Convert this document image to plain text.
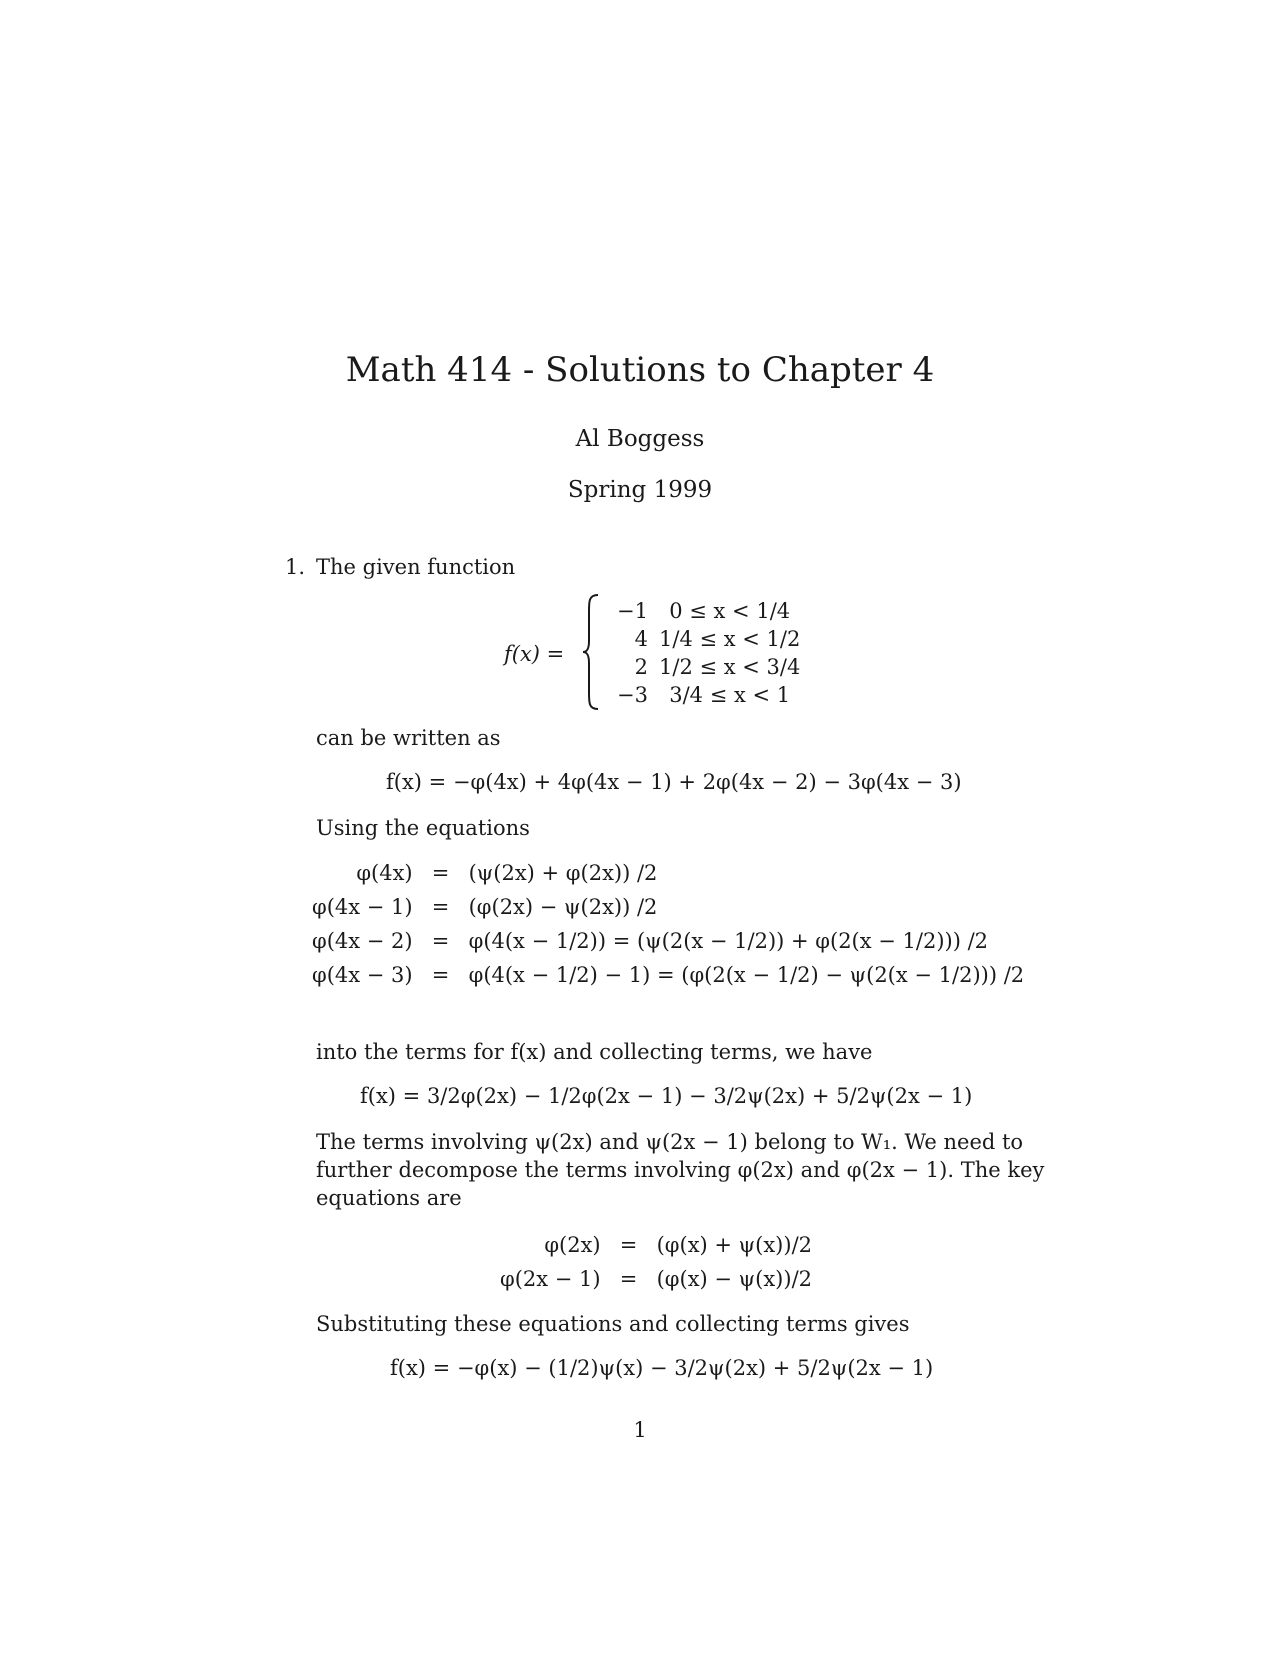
Math 414 - Solutions to Chapter 4
Al Boggess
Spring 1999
1. The given function
f(x) =
−1 0 ≤ x < 1/4
4 1/4 ≤ x < 1/2
2 1/2 ≤ x < 3/4
−3 3/4 ≤ x < 1
can be written as
f(x) = −φ(4x) + 4φ(4x − 1) + 2φ(4x − 2) − 3φ(4x − 3)
Using the equations
φ(4x)	=	(ψ(2x) + φ(2x)) /2
φ(4x − 1)	=	(φ(2x) − ψ(2x)) /2
φ(4x − 2)	=	φ(4(x − 1/2)) = (ψ(2(x − 1/2)) + φ(2(x − 1/2))) /2
φ(4x − 3)	=	φ(4(x − 1/2) − 1) = (φ(2(x − 1/2) − ψ(2(x − 1/2))) /2
into the terms for f(x) and collecting terms, we have
f(x) = 3/2φ(2x) − 1/2φ(2x − 1) − 3/2ψ(2x) + 5/2ψ(2x − 1)
The terms involving ψ(2x) and ψ(2x − 1) belong to W₁. We need to
further decompose the terms involving φ(2x) and φ(2x − 1). The key
equations are
φ(2x)	=	(φ(x) + ψ(x))/2
φ(2x − 1)	=	(φ(x) − ψ(x))/2
Substituting these equations and collecting terms gives
f(x) = −φ(x) − (1/2)ψ(x) − 3/2ψ(2x) + 5/2ψ(2x − 1)
1
